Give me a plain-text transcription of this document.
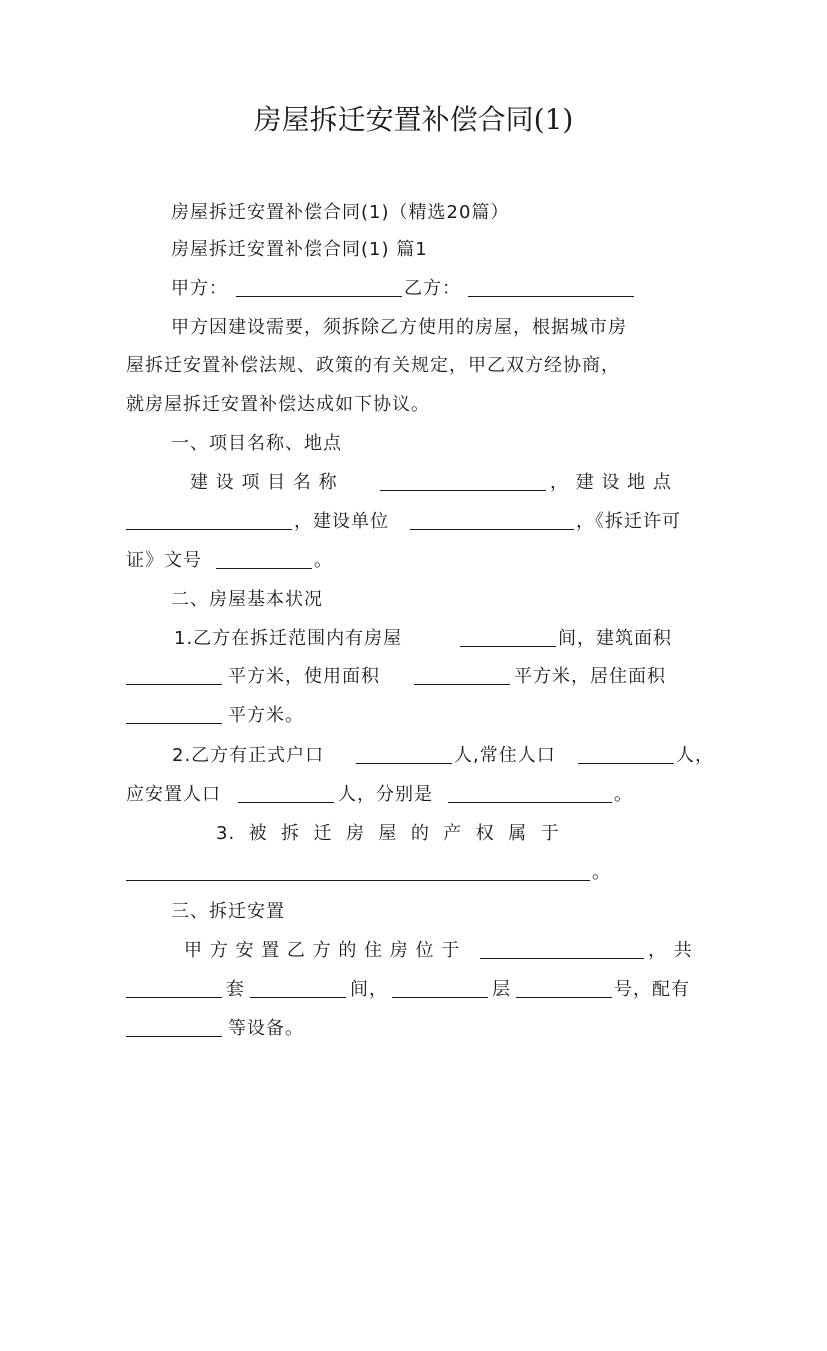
房屋拆迁安置补偿合同(1)

房屋拆迁安置补偿合同(1)（精选20篇）

房屋拆迁安置补偿合同(1) 篇1

甲方：

	乙方：

甲方因建设需要，须拆除乙方使用的房屋，根据城市房

屋拆迁安置补偿法规、政策的有关规定，甲乙双方经协商，

就房屋拆迁安置补偿达成如下协议。

一、项目名称、地点

建 设 项 目 名 称

	， 建 设 地 点

，建设单位

	，《拆迁许可

证》文号

	。

二、房屋基本状况

1.乙方在拆迁范围内有房屋

	间，建筑面积

平方米，使用面积

	平方米，居住面积

平方米。

2.乙方有正式户口

	人,常住人口

	人，

应安置人口

	人，分别是

	。

3.  被  拆  迁  房  屋  的  产  权  属  于

。

三、拆迁安置

甲 方 安 置 乙 方 的 住 房 位 于

	， 共

套

	间，

	层

	号，配有

等设备。
